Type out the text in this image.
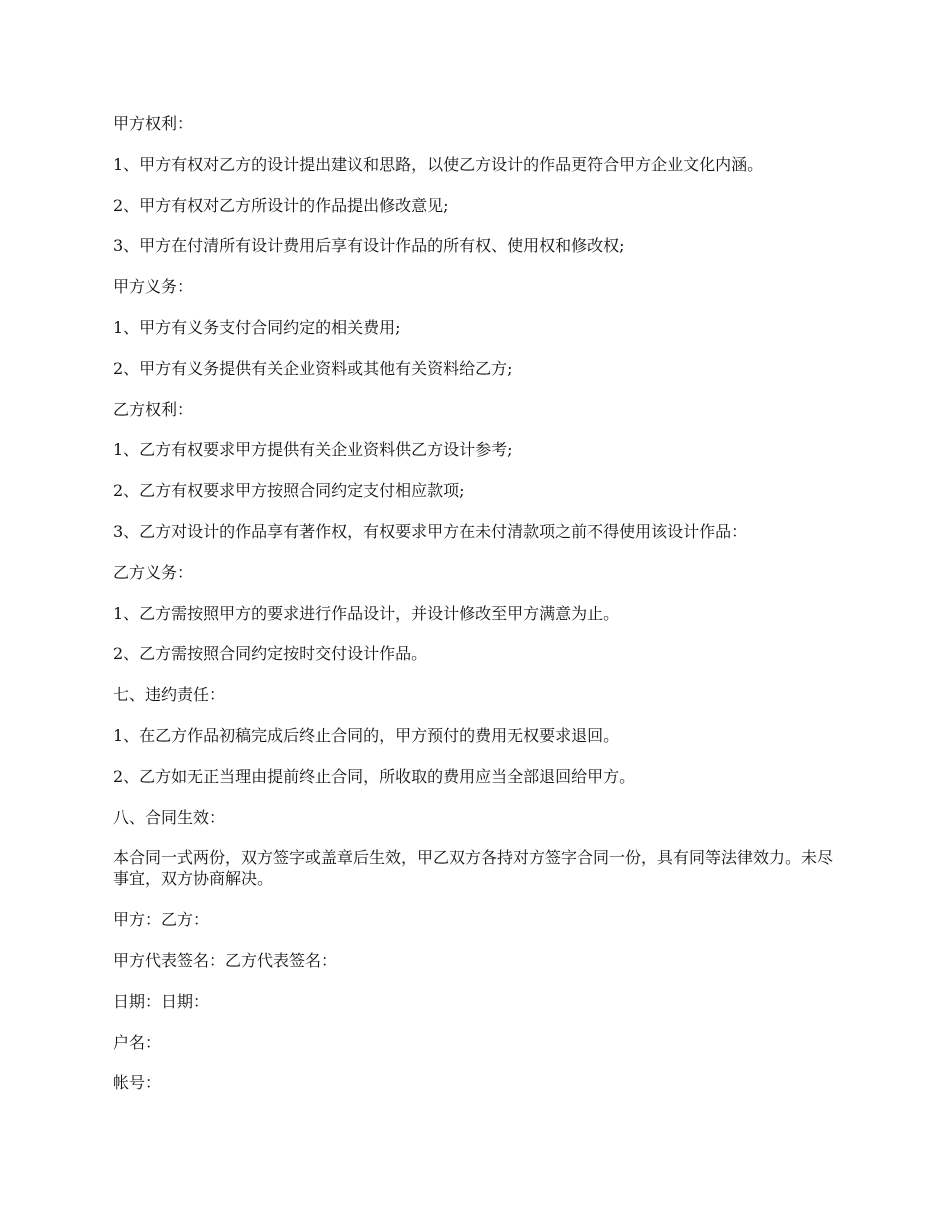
甲方权利：

1、甲方有权对乙方的设计提出建议和思路，以使乙方设计的作品更符合甲方企业文化内涵。

2、甲方有权对乙方所设计的作品提出修改意见;

3、甲方在付清所有设计费用后享有设计作品的所有权、使用权和修改权;

甲方义务：

1、甲方有义务支付合同约定的相关费用;

2、甲方有义务提供有关企业资料或其他有关资料给乙方;

乙方权利：

1、乙方有权要求甲方提供有关企业资料供乙方设计参考;

2、乙方有权要求甲方按照合同约定支付相应款项;

3、乙方对设计的作品享有著作权，有权要求甲方在未付清款项之前不得使用该设计作品：

乙方义务：

1、乙方需按照甲方的要求进行作品设计，并设计修改至甲方满意为止。

2、乙方需按照合同约定按时交付设计作品。

七、违约责任：

1、在乙方作品初稿完成后终止合同的，甲方预付的费用无权要求退回。

2、乙方如无正当理由提前终止合同，所收取的费用应当全部退回给甲方。

八、合同生效：

本合同一式两份，双方签字或盖章后生效，甲乙双方各持对方签字合同一份，具有同等法律效力。未尽事宜，双方协商解决。

甲方：乙方：

甲方代表签名：乙方代表签名：

日期：日期：

户名：

帐号：
